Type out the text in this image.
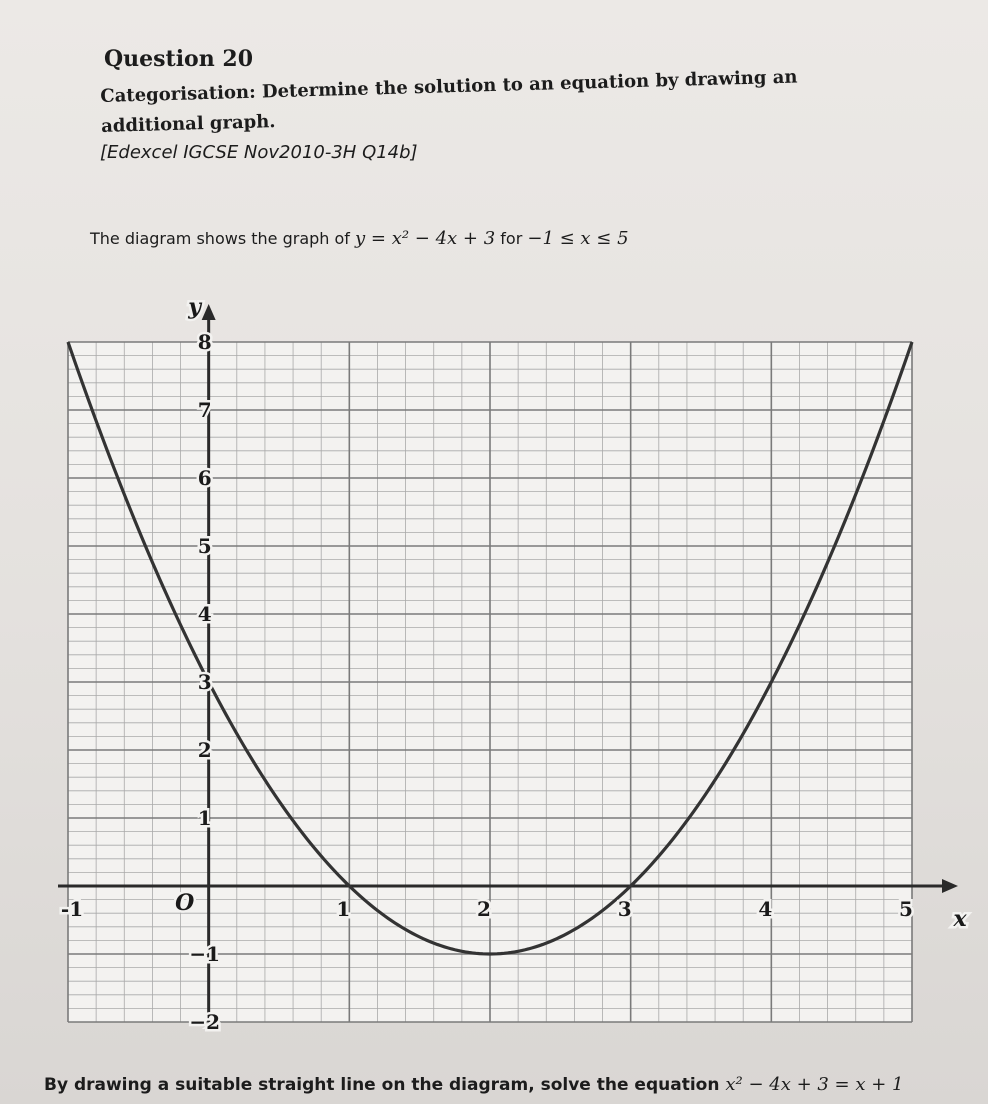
Question 20
Categorisation: Determine the solution to an equation by drawing an additional graph.
[Edexcel IGCSE Nov2010-3H Q14b]
The diagram shows the graph of y = x² − 4x + 3 for −1 ≤ x ≤ 5
8
7
6
5
4
3
2
1
−1
−2
-1	1	2	3	4	5
O
y
x
By drawing a suitable straight line on the diagram, solve the equation x² − 4x + 3 = x + 1
